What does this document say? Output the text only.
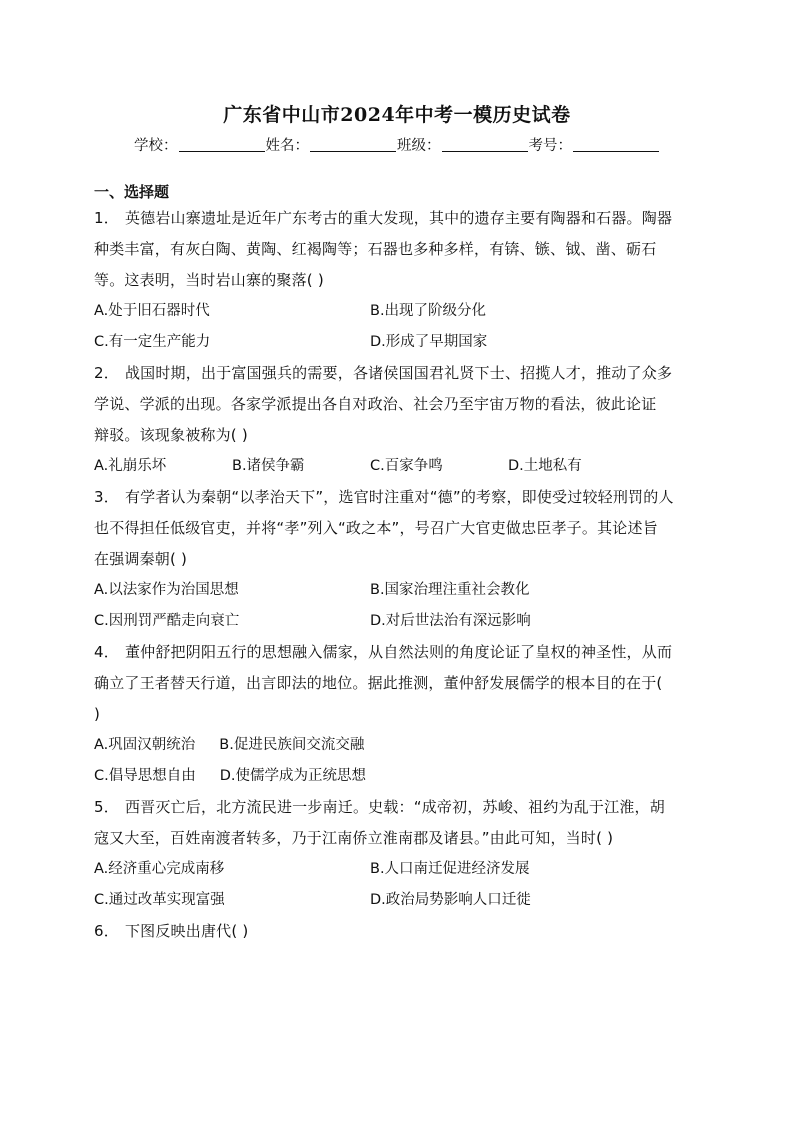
广东省中山市2024年中考一模历史试卷
学校：	姓名：	班级：	考号：

一、选择题

1． 英德岩山寨遗址是近年广东考古的重大发现，其中的遗存主要有陶器和石器。陶器

种类丰富，有灰白陶、黄陶、红褐陶等；石器也多种多样，有锛、镞、钺、凿、砺石

等。这表明，当时岩山寨的聚落( )

A.处于旧石器时代	B.出现了阶级分化

C.有一定生产能力	D.形成了早期国家

2． 战国时期，出于富国强兵的需要，各诸侯国国君礼贤下士、招揽人才，推动了众多

学说、学派的出现。各家学派提出各自对政治、社会乃至宇宙万物的看法，彼此论证

辩驳。该现象被称为( )

A.礼崩乐坏	B.诸侯争霸	C.百家争鸣	D.土地私有

3． 有学者认为秦朝“以孝治天下”，选官时注重对“德”的考察，即使受过较轻刑罚的人

也不得担任低级官吏，并将“孝”列入“政之本”，号召广大官吏做忠臣孝子。其论述旨

在强调秦朝( )

A.以法家作为治国思想	B.国家治理注重社会教化

C.因刑罚严酷走向衰亡	D.对后世法治有深远影响

4． 董仲舒把阴阳五行的思想融入儒家，从自然法则的角度论证了皇权的神圣性，从而

确立了王者替天行道，出言即法的地位。据此推测，董仲舒发展儒学的根本目的在于(

)

A.巩固汉朝统治 B.促进民族间交流交融

C.倡导思想自由 D.使儒学成为正统思想

5． 西晋灭亡后，北方流民进一步南迁。史载：“成帝初，苏峻、祖约为乱于江淮，胡

寇又大至，百姓南渡者转多，乃于江南侨立淮南郡及诸县。”由此可知，当时( )

A.经济重心完成南移	B.人口南迁促进经济发展

C.通过改革实现富强	D.政治局势影响人口迁徙

6． 下图反映出唐代( )
